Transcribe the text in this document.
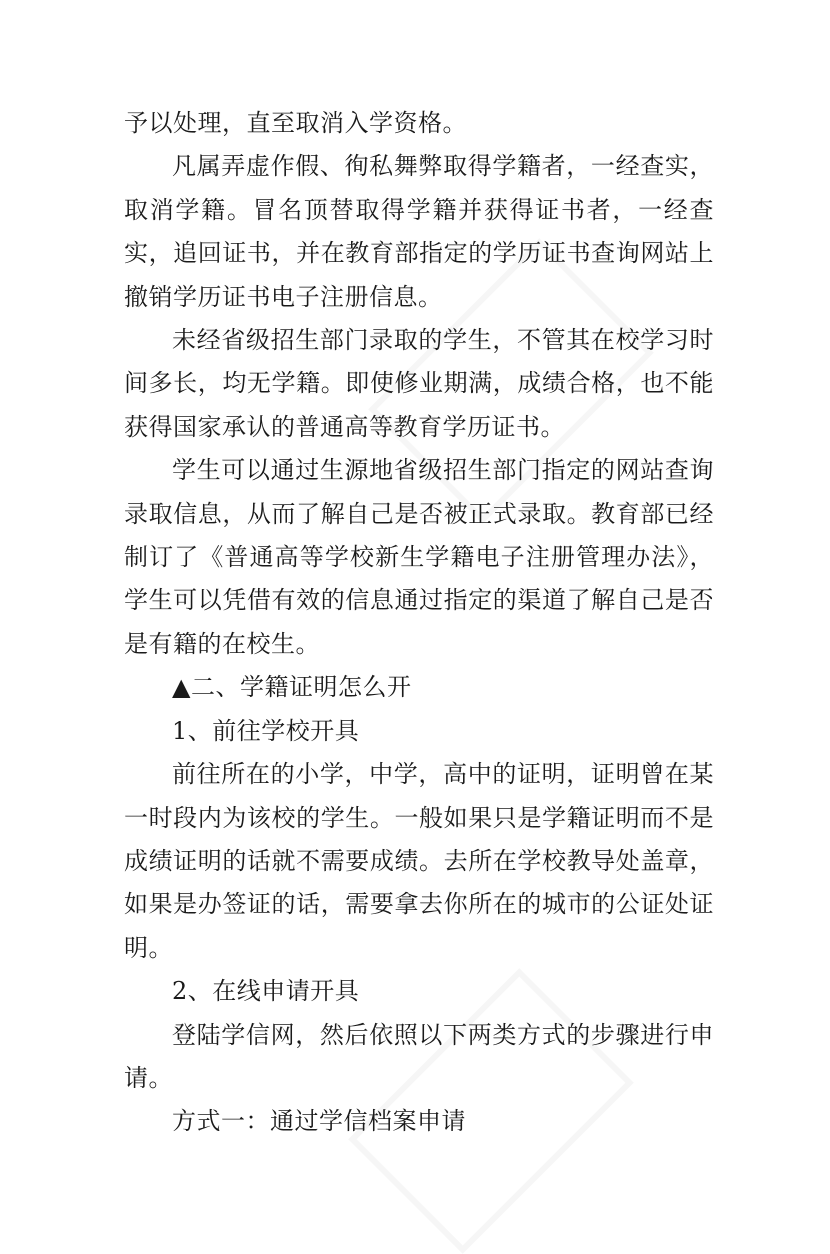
予以处理，直至取消入学资格。

凡属弄虚作假、徇私舞弊取得学籍者，一经查实，取消学籍。冒名顶替取得学籍并获得证书者，一经查实，追回证书，并在教育部指定的学历证书查询网站上撤销学历证书电子注册信息。

未经省级招生部门录取的学生，不管其在校学习时间多长，均无学籍。即使修业期满，成绩合格，也不能获得国家承认的普通高等教育学历证书。

学生可以通过生源地省级招生部门指定的网站查询录取信息，从而了解自己是否被正式录取。教育部已经制订了《普通高等学校新生学籍电子注册管理办法》，学生可以凭借有效的信息通过指定的渠道了解自己是否是有籍的在校生。

▲二、学籍证明怎么开

1、前往学校开具

前往所在的小学，中学，高中的证明，证明曾在某一时段内为该校的学生。一般如果只是学籍证明而不是成绩证明的话就不需要成绩。去所在学校教导处盖章，如果是办签证的话，需要拿去你所在的城市的公证处证明。

2、在线申请开具

登陆学信网，然后依照以下两类方式的步骤进行申请。

方式一：通过学信档案申请
